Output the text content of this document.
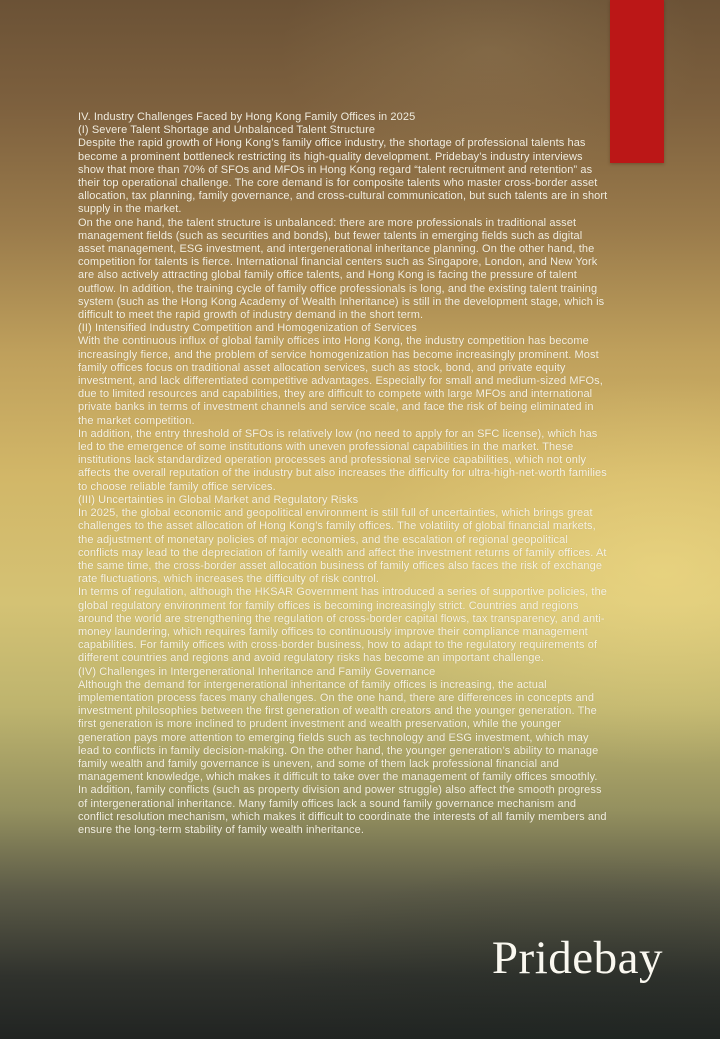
IV. Industry Challenges Faced by Hong Kong Family Offices in 2025

(I) Severe Talent Shortage and Unbalanced Talent Structure

Despite the rapid growth of Hong Kong’s family office industry, the shortage of professional talents has become a prominent bottleneck restricting its high-quality development. Pridebay’s industry interviews show that more than 70% of SFOs and MFOs in Hong Kong regard “talent recruitment and retention” as their top operational challenge. The core demand is for composite talents who master cross-border asset allocation, tax planning, family governance, and cross-cultural communication, but such talents are in short supply in the market.

On the one hand, the talent structure is unbalanced: there are more professionals in traditional asset management fields (such as securities and bonds), but fewer talents in emerging fields such as digital asset management, ESG investment, and intergenerational inheritance planning. On the other hand, the competition for talents is fierce. International financial centers such as Singapore, London, and New York are also actively attracting global family office talents, and Hong Kong is facing the pressure of talent outflow. In addition, the training cycle of family office professionals is long, and the existing talent training system (such as the Hong Kong Academy of Wealth Inheritance) is still in the development stage, which is difficult to meet the rapid growth of industry demand in the short term.

(II) Intensified Industry Competition and Homogenization of Services

With the continuous influx of global family offices into Hong Kong, the industry competition has become increasingly fierce, and the problem of service homogenization has become increasingly prominent. Most family offices focus on traditional asset allocation services, such as stock, bond, and private equity investment, and lack differentiated competitive advantages. Especially for small and medium-sized MFOs, due to limited resources and capabilities, they are difficult to compete with large MFOs and international private banks in terms of investment channels and service scale, and face the risk of being eliminated in the market competition.

In addition, the entry threshold of SFOs is relatively low (no need to apply for an SFC license), which has led to the emergence of some institutions with uneven professional capabilities in the market. These institutions lack standardized operation processes and professional service capabilities, which not only affects the overall reputation of the industry but also increases the difficulty for ultra-high-net-worth families to choose reliable family office services.

(III) Uncertainties in Global Market and Regulatory Risks

In 2025, the global economic and geopolitical environment is still full of uncertainties, which brings great challenges to the asset allocation of Hong Kong’s family offices. The volatility of global financial markets, the adjustment of monetary policies of major economies, and the escalation of regional geopolitical conflicts may lead to the depreciation of family wealth and affect the investment returns of family offices. At the same time, the cross-border asset allocation business of family offices also faces the risk of exchange rate fluctuations, which increases the difficulty of risk control.

In terms of regulation, although the HKSAR Government has introduced a series of supportive policies, the global regulatory environment for family offices is becoming increasingly strict. Countries and regions around the world are strengthening the regulation of cross-border capital flows, tax transparency, and anti-money laundering, which requires family offices to continuously improve their compliance management capabilities. For family offices with cross-border business, how to adapt to the regulatory requirements of different countries and regions and avoid regulatory risks has become an important challenge.

(IV) Challenges in Intergenerational Inheritance and Family Governance

Although the demand for intergenerational inheritance of family offices is increasing, the actual implementation process faces many challenges. On the one hand, there are differences in concepts and investment philosophies between the first generation of wealth creators and the younger generation. The first generation is more inclined to prudent investment and wealth preservation, while the younger generation pays more attention to emerging fields such as technology and ESG investment, which may lead to conflicts in family decision-making. On the other hand, the younger generation’s ability to manage family wealth and family governance is uneven, and some of them lack professional financial and management knowledge, which makes it difficult to take over the management of family offices smoothly.

In addition, family conflicts (such as property division and power struggle) also affect the smooth progress of intergenerational inheritance. Many family offices lack a sound family governance mechanism and conflict resolution mechanism, which makes it difficult to coordinate the interests of all family members and ensure the long-term stability of family wealth inheritance.

Pridebay
